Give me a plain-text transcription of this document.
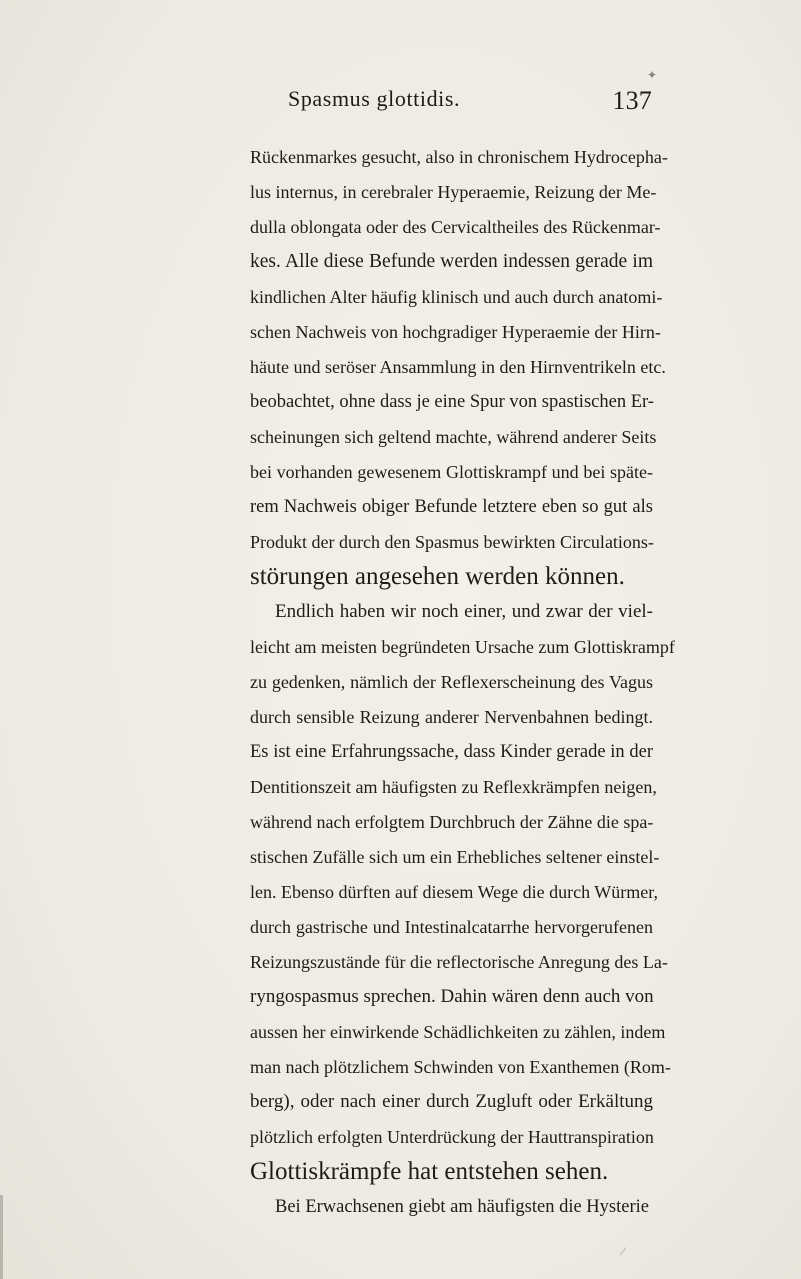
✦
Spasmus glottidis.	137
Rückenmarkes gesucht, also in chronischem Hydrocepha-
lus internus, in cerebraler Hyperaemie, Reizung der Me-
dulla oblongata oder des Cervicaltheiles des Rückenmar-
kes. Alle diese Befunde werden indessen gerade im
kindlichen Alter häufig klinisch und auch durch anatomi-
schen Nachweis von hochgradiger Hyperaemie der Hirn-
häute und seröser Ansammlung in den Hirnventrikeln etc.
beobachtet, ohne dass je eine Spur von spastischen Er-
scheinungen sich geltend machte, während anderer Seits
bei vorhanden gewesenem Glottiskrampf und bei späte-
rem Nachweis obiger Befunde letztere eben so gut als
Produkt der durch den Spasmus bewirkten Circulations-
störungen angesehen werden können.
Endlich haben wir noch einer, und zwar der viel-
leicht am meisten begründeten Ursache zum Glottiskrampf
zu gedenken, nämlich der Reflexerscheinung des Vagus
durch sensible Reizung anderer Nervenbahnen bedingt.
Es ist eine Erfahrungssache, dass Kinder gerade in der
Dentitionszeit am häufigsten zu Reflexkrämpfen neigen,
während nach erfolgtem Durchbruch der Zähne die spa-
stischen Zufälle sich um ein Erhebliches seltener einstel-
len. Ebenso dürften auf diesem Wege die durch Würmer,
durch gastrische und Intestinalcatarrhe hervorgerufenen
Reizungszustände für die reflectorische Anregung des La-
ryngospasmus sprechen. Dahin wären denn auch von
aussen her einwirkende Schädlichkeiten zu zählen, indem
man nach plötzlichem Schwinden von Exanthemen (Rom-
berg), oder nach einer durch Zugluft oder Erkältung
plötzlich erfolgten Unterdrückung der Hauttranspiration
Glottiskrämpfe hat entstehen sehen.
Bei Erwachsenen giebt am häufigsten die Hysterie
⁄
